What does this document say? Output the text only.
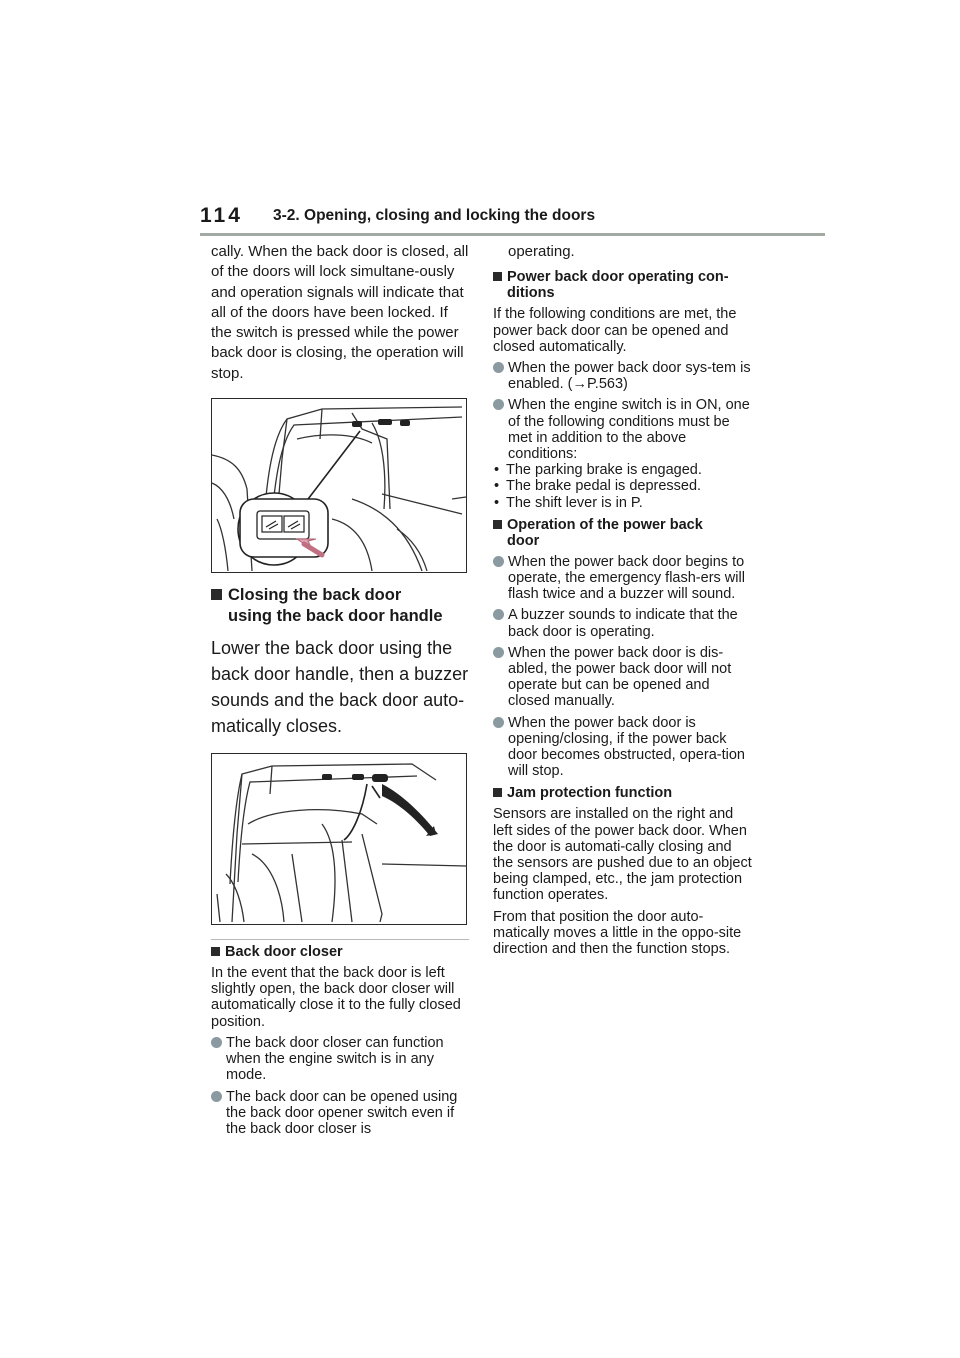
114 3-2. Opening, closing and locking the doors

cally. When the back door is closed, all of the doors will lock simultane-ously and operation signals will indicate that all of the doors have been locked. If the switch is pressed while the power back door is closing, the operation will stop.

Closing the back door
using the back door handle

Lower the back door using the back door handle, then a buzzer sounds and the back door auto-matically closes.

Back door closer

In the event that the back door is left slightly open, the back door closer will automatically close it to the fully closed position.

The back door closer can function when the engine switch is in any mode.

The back door can be opened using the back door opener switch even if the back door closer is

operating.

Power back door operating con-
ditions

If the following conditions are met, the power back door can be opened and closed automatically.

When the power back door sys-tem is enabled. (→P.563)

When the engine switch is in ON, one of the following conditions must be met in addition to the above conditions:

• The parking brake is engaged.

• The brake pedal is depressed.

• The shift lever is in P.

Operation of the power back
door

When the power back door begins to operate, the emergency flash-ers will flash twice and a buzzer will sound.

A buzzer sounds to indicate that the back door is operating.

When the power back door is dis-abled, the power back door will not operate but can be opened and closed manually.

When the power back door is opening/closing, if the power back door becomes obstructed, opera-tion will stop.

Jam protection function

Sensors are installed on the right and left sides of the power back door. When the door is automati-cally closing and the sensors are pushed due to an object being clamped, etc., the jam protection function operates.

From that position the door auto-matically moves a little in the oppo-site direction and then the function stops.
